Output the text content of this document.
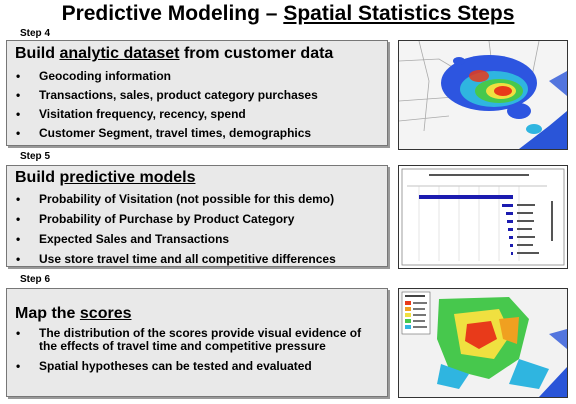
Predictive Modeling – Spatial Statistics Steps
Step 4
Build analytic dataset from customer data
• Geocoding information
• Transactions, sales, product category purchases
• Visitation frequency, recency, spend
• Customer Segment, travel times, demographics
Step 5
Build predictive models
• Probability of Visitation (not possible for this demo)
• Probability of Purchase by Product Category
• Expected Sales and Transactions
• Use store travel time and all competitive differences
Step 6
Map the scores
• The distribution of the scores provide visual evidence of the effects of travel time and competitive pressure
• Spatial hypotheses can be tested and evaluated
